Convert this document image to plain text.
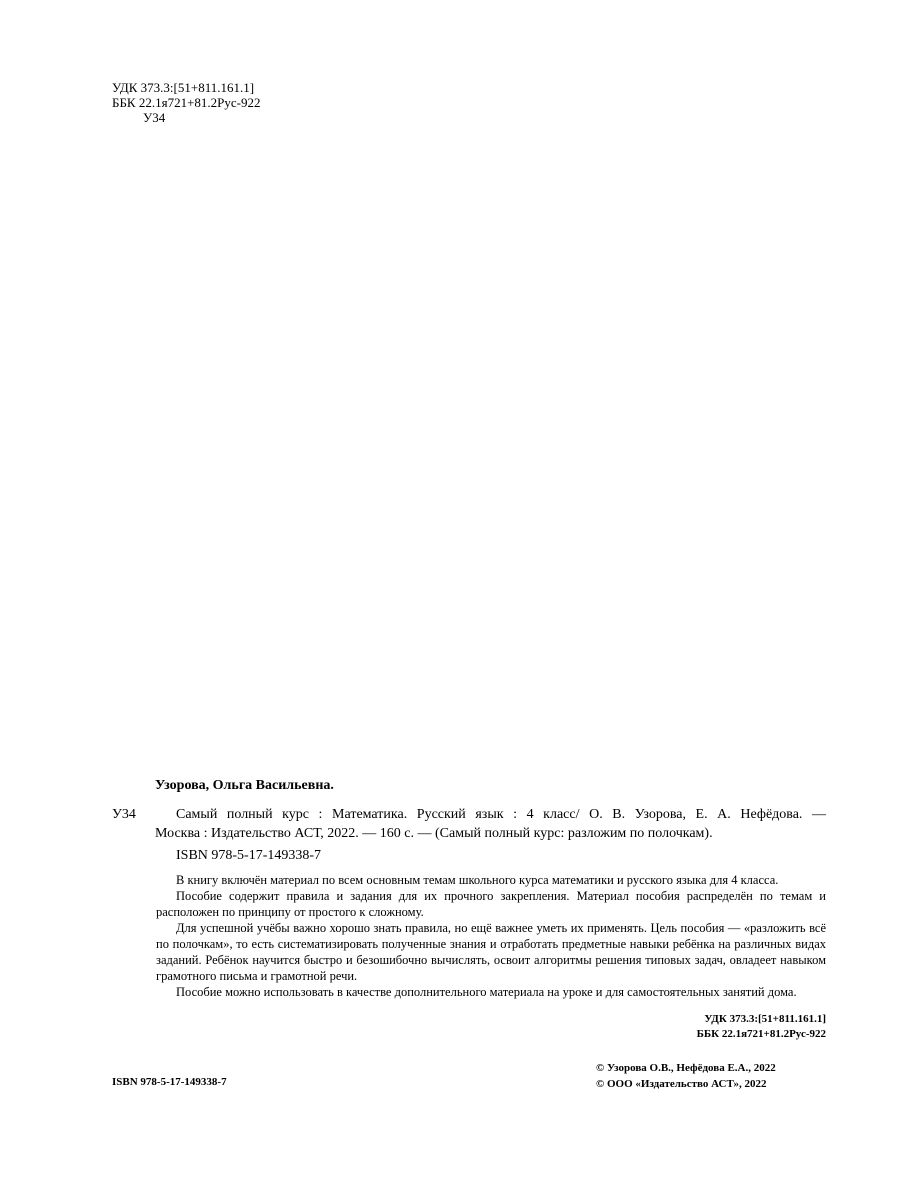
УДК 373.3:[51+811.161.1]
ББК 22.1я721+81.2Рус-922
У34
Узорова, Ольга Васильевна.
У34	Самый полный курс : Математика. Русский язык : 4 класс/ О. В. Узорова, Е. А. Нефёдова. —
Москва : Издательство АСТ, 2022. — 160 с. — (Самый полный курс: разложим по полочкам).
ISBN 978-5-17-149338-7

В книгу включён материал по всем основным темам школьного курса математики и русского языка для 4 класса.

Пособие содержит правила и задания для их прочного закрепления. Материал пособия распределён по темам и расположен по принципу от простого к сложному.

Для успешной учёбы важно хорошо знать правила, но ещё важнее уметь их применять. Цель пособия — «разложить всё по полочкам», то есть систематизировать полученные знания и отработать предметные навыки ребёнка на различных видах заданий. Ребёнок научится быстро и безошибочно вычислять, освоит алгоритмы решения типовых задач, овладеет навыком грамотного письма и грамотной речи.

Пособие можно использовать в качестве дополнительного материала на уроке и для самостоятельных занятий дома.

УДК 373.3:[51+811.161.1]
ББК 22.1я721+81.2Рус-922
© Узорова О.В., Нефёдова Е.А., 2022
© ООО «Издательство АСТ», 2022
ISBN 978-5-17-149338-7
